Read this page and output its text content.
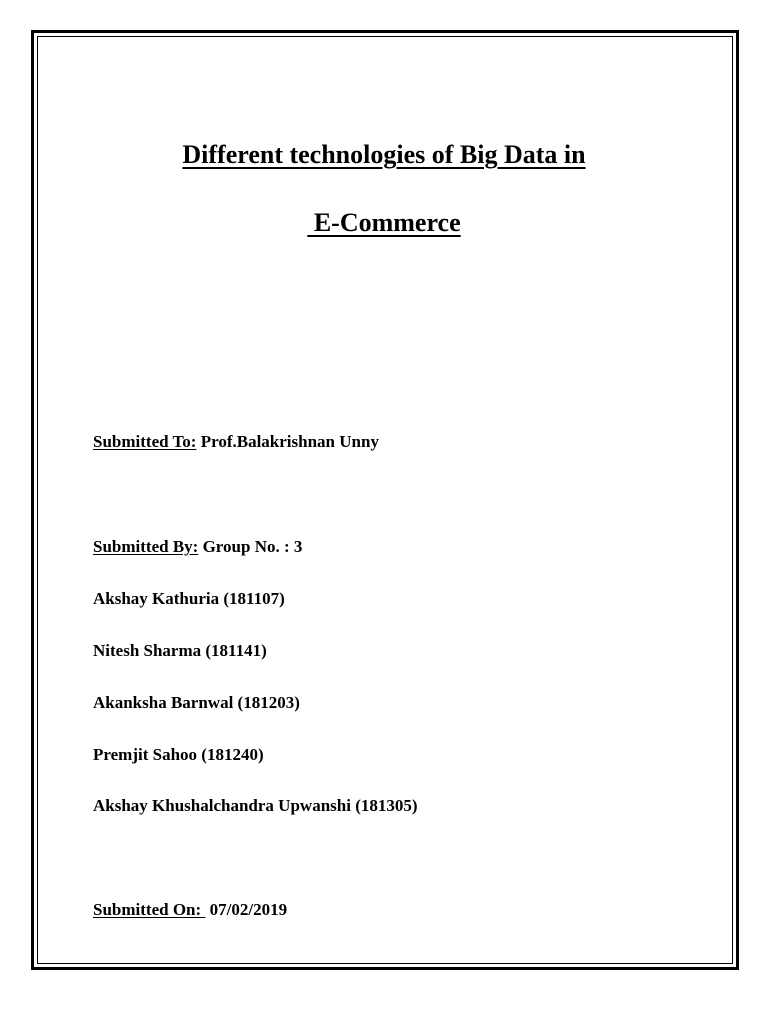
Different technologies of Big Data in
E-Commerce
Submitted To: Prof.Balakrishnan Unny
Submitted By: Group No. : 3
Akshay Kathuria (181107)
Nitesh Sharma (181141)
Akanksha Barnwal (181203)
Premjit Sahoo (181240)
Akshay Khushalchandra Upwanshi (181305)
Submitted On:  07/02/2019
